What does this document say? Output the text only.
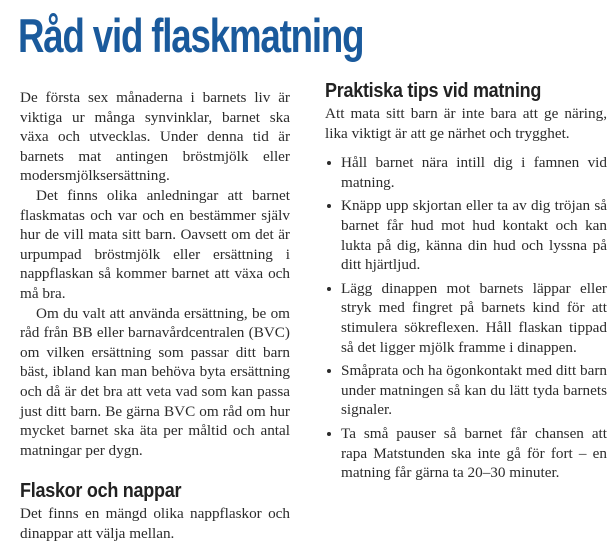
Råd vid flaskmatning

De första sex månaderna i barnets liv är viktiga ur många synvinklar, barnet ska växa och utvecklas. Under denna tid är barnets mat antingen bröstmjölk eller modersmjölksersättning.

Det finns olika anledningar att barnet flaskmatas och var och en bestämmer själv hur de vill mata sitt barn. Oavsett om det är urpumpad bröstmjölk eller ersättning i nappflaskan så kommer barnet att växa och må bra.

Om du valt att använda ersättning, be om råd från BB eller barnavårdcentralen (BVC) om vilken ersättning som passar ditt barn bäst, ibland kan man behöva byta ersättning och då är det bra att veta vad som kan passa just ditt barn. Be gärna BVC om råd om hur mycket barnet ska äta per måltid och antal matningar per dygn.

Flaskor och nappar

Det finns en mängd olika nappflaskor och dinappar att välja mellan.

Praktiska tips vid matning

Att mata sitt barn är inte bara att ge näring, lika viktigt är att ge närhet och trygghet.

Håll barnet nära intill dig i famnen vid matning.
Knäpp upp skjortan eller ta av dig tröjan så barnet får hud mot hud kontakt och kan lukta på dig, känna din hud och lyssna på ditt hjärtljud.
Lägg dinappen mot barnets läppar eller stryk med fingret på barnets kind för att stimulera sökreflexen. Håll flaskan tippad så det ligger mjölk framme i dinappen.
Småprata och ha ögonkontakt med ditt barn under matningen så kan du lätt tyda barnets signaler.
Ta små pauser så barnet får chansen att rapa Matstunden ska inte gå för fort – en matning får gärna ta 20–30 minuter.
